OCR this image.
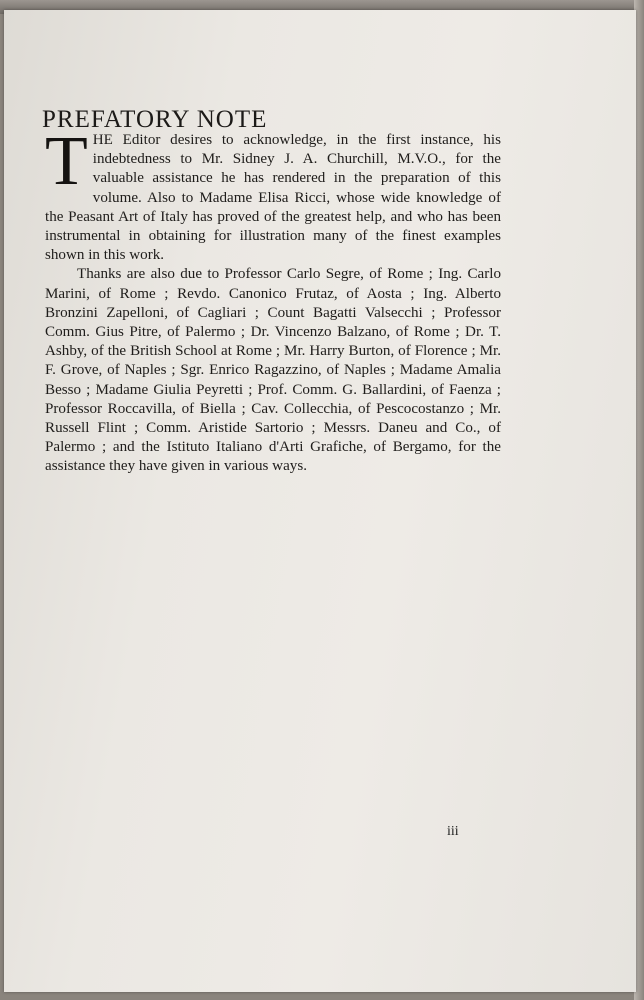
PREFATORY NOTE

THE Editor desires to acknowledge, in the first instance, his indebtedness to Mr. Sidney J. A. Churchill, M.V.O., for the valuable assistance he has rendered in the preparation of this volume. Also to Madame Elisa Ricci, whose wide knowledge of the Peasant Art of Italy has proved of the greatest help, and who has been instrumental in obtaining for illustration many of the finest examples shown in this work.

Thanks are also due to Professor Carlo Segre, of Rome ; Ing. Carlo Marini, of Rome ; Revdo. Canonico Frutaz, of Aosta ; Ing. Alberto Bronzini Zapelloni, of Cagliari ; Count Bagatti Valsecchi ; Professor Comm. Gius Pitre, of Palermo ; Dr. Vincenzo Balzano, of Rome ; Dr. T. Ashby, of the British School at Rome ; Mr. Harry Burton, of Florence ; Mr. F. Grove, of Naples ; Sgr. Enrico Ragazzino, of Naples ; Madame Amalia Besso ; Madame Giulia Peyretti ; Prof. Comm. G. Ballardini, of Faenza ; Professor Roccavilla, of Biella ; Cav. Collecchia, of Pescocostanzo ; Mr. Russell Flint ; Comm. Aristide Sartorio ; Messrs. Daneu and Co., of Palermo ; and the Istituto Italiano d'Arti Grafiche, of Bergamo, for the assistance they have given in various ways.

iii
